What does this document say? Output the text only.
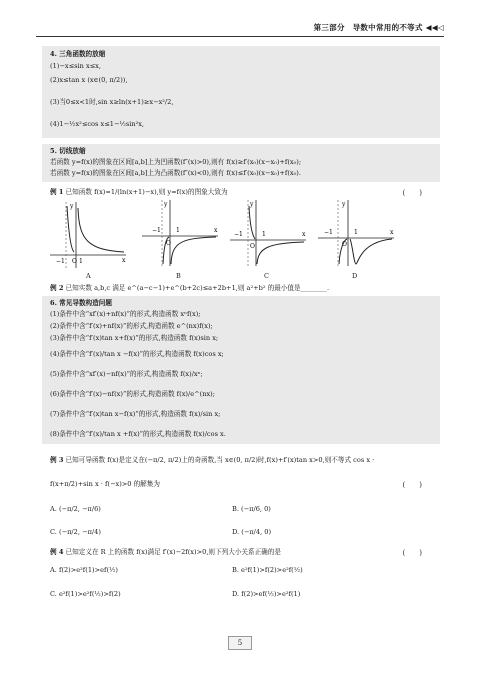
第三部分　导数中常用的不等式 ◀◀◁
4. 三角函数的放缩
(1)−x≤sin x≤x,
(2)x≤tan x (x∈(0, π/2)),
(3)当0≤x<1时,sin x≥ln(x+1)≥x−x²/2,
(4)1−½x²≤cos x≤1−½sin²x,
5. 切线放缩
若函数 y=f(x)的图象在区间[a,b]上为凹函数(f″(x)>0),则有 f(x)≥f′(x₀)(x−x₀)+f(x₀);
若函数 y=f(x)的图象在区间[a,b]上为凸函数(f″(x)<0),则有 f(x)≤f′(x₀)(x−x₀)+f(x₀).
例 1 已知函数 f(x)=1/(ln(x+1)−x),则 y=f(x)的图象大致为	(　　)
y
x
−1 O 1
A
y
x
−1
O
1
B
y
x
−1
O
1
C
y
x
−1
O
1
D
例 2 已知实数 a,b,c 满足 e^(a−c−1)+e^(b+2c)≤a+2b+1,则 a²+b² 的最小值是________.
6. 常见导数构造问题
(1)条件中含“xf′(x)+nf(x)”的形式,构造函数 xⁿf(x);
(2)条件中含“f′(x)+nf(x)”的形式,构造函数 e^(nx)f(x);
(3)条件中含“f′(x)tan x+f(x)”的形式,构造函数 f(x)sin x;
(4)条件中含“f′(x)/tan x −f(x)”的形式,构造函数 f(x)cos x;
(5)条件中含“xf′(x)−nf(x)”的形式,构造函数 f(x)/xⁿ;
(6)条件中含“f′(x)−nf(x)”的形式,构造函数 f(x)/e^(nx);
(7)条件中含“f′(x)tan x−f(x)”的形式,构造函数 f(x)/sin x;
(8)条件中含“f′(x)/tan x +f(x)”的形式,构造函数 f(x)/cos x.
例 3 已知可导函数 f(x)是定义在(−π/2, π/2)上的奇函数,当 x∈(0, π/2)时,f(x)+f′(x)tan x>0,则不等式 cos x ·
f(x+π/2)+sin x · f(−x)>0 的解集为	(　　)
A. (−π/2, −π/6)	B. (−π/6, 0)
C. (−π/2, −π/4)	D. (−π/4, 0)
例 4 已知定义在 R 上的函数 f(x)满足 f′(x)−2f(x)>0,则下列大小关系正确的是	(　　)
A. f(2)>e²f(1)>ef(½)	B. e²f(1)>f(2)>e²f(½)
C. e²f(1)>e²f(½)>f(2)	D. f(2)>ef(½)>e²f(1)
5
